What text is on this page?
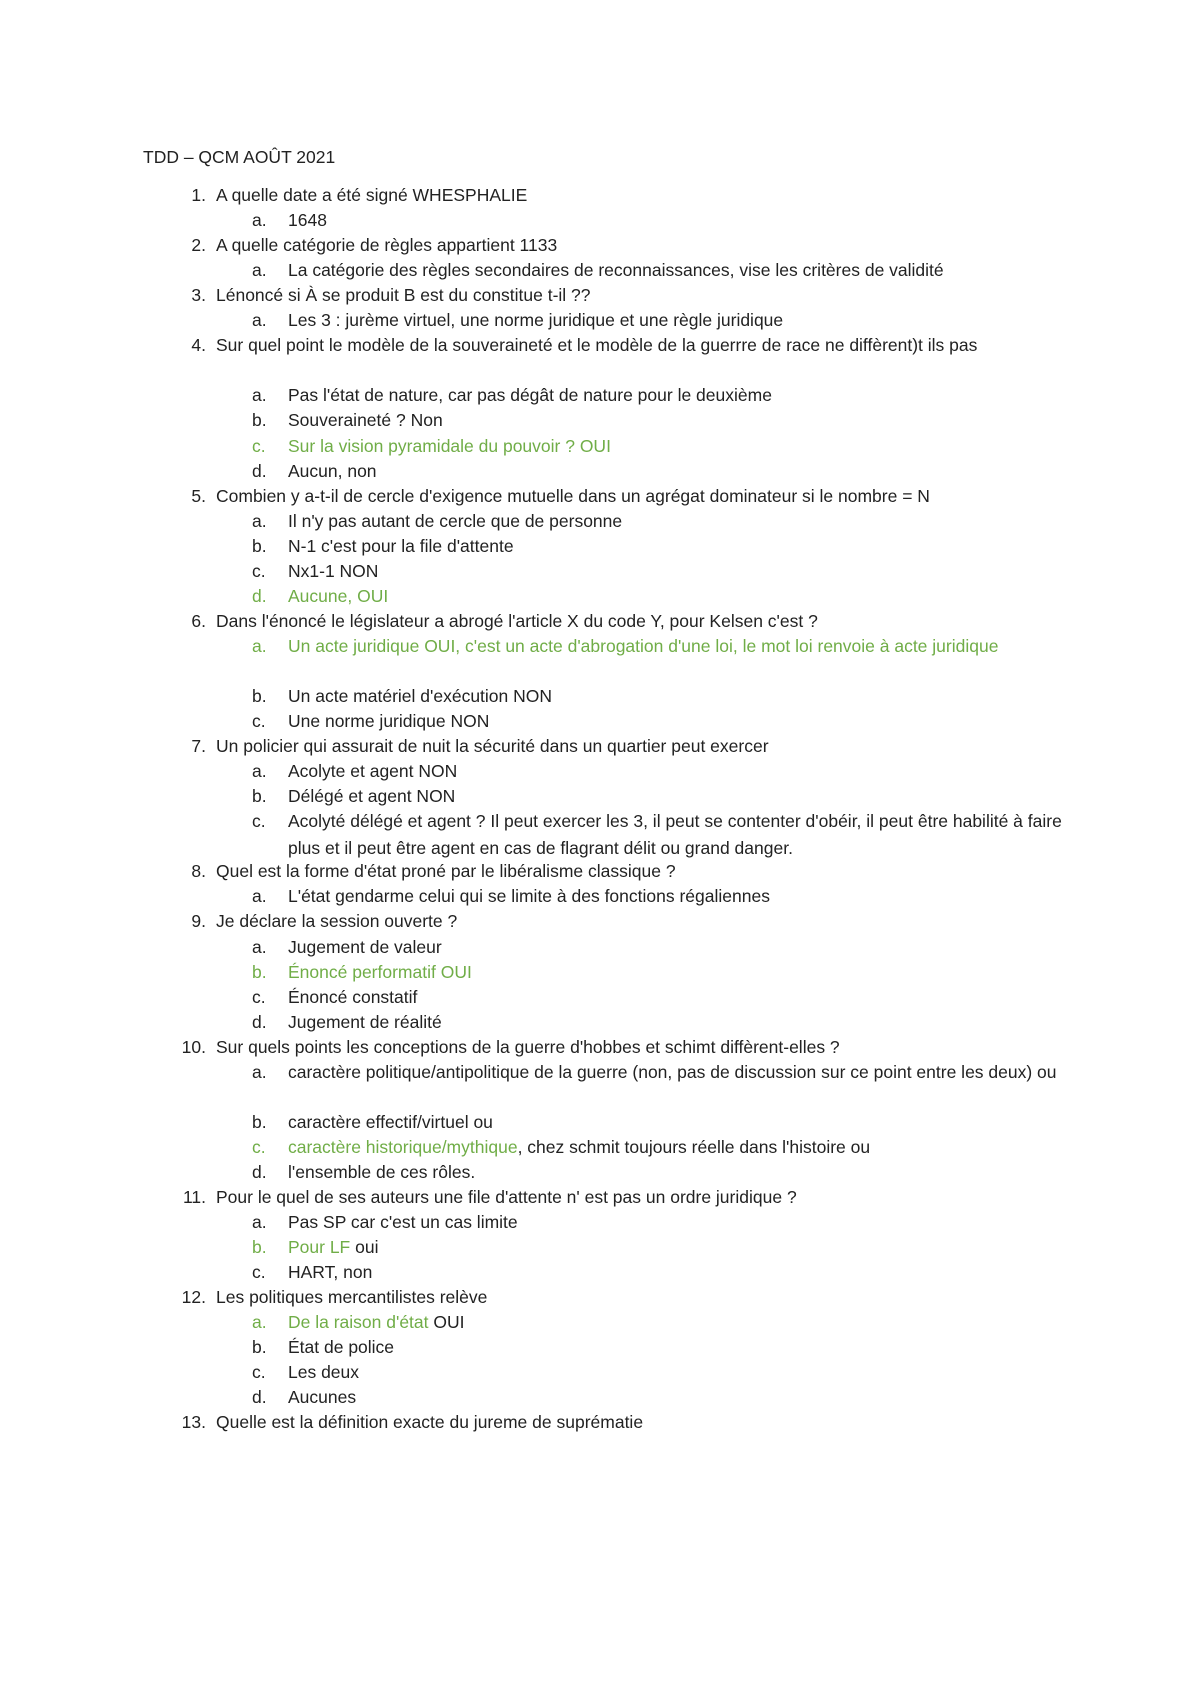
TDD – QCM AOÛT 2021
1. A quelle date a été signé WHESPHALIE
a.	1648
2. A quelle catégorie de règles appartient 1133
a.	La catégorie des règles secondaires de reconnaissances, vise les critères de validité
3. Lénoncé si À se produit B est du constitue t-il ??
a.	Les 3 : jurème virtuel, une norme juridique et une règle juridique
4. Sur quel point le modèle de la souveraineté et le modèle de la guerrre de race ne diffèrent)t ils pas
a.	Pas l'état de nature, car pas dégât de nature pour le deuxième
b.	Souveraineté ? Non
c.	Sur la vision pyramidale du pouvoir ? OUI
d.	Aucun, non
5. Combien y a-t-il de cercle d'exigence mutuelle dans un agrégat dominateur si le nombre = N
a.	Il n'y pas autant de cercle que de personne
b.	N-1 c'est pour la file d'attente
c.	Nx1-1 NON
d.	Aucune, OUI
6. Dans l'énoncé le législateur a abrogé l'article X du code Y, pour Kelsen c'est ?
a.	Un acte juridique OUI, c'est un acte d'abrogation d'une loi, le mot loi renvoie à acte juridique
b.	Un acte matériel d'exécution NON
c.	Une norme juridique NON
7. Un policier qui assurait de nuit la sécurité dans un quartier peut exercer
a.	Acolyte et agent NON
b.	Délégé et agent NON
c.	Acolyté délégé et agent ? Il peut exercer les 3, il peut se contenter d'obéir, il peut être habilité à faire plus et il peut être agent en cas de flagrant délit ou grand danger.
8. Quel est la forme d'état proné par le libéralisme classique ?
a.	L'état gendarme celui qui se limite à des fonctions régaliennes
9. Je déclare la session ouverte ?
a.	Jugement de valeur
b.	Énoncé performatif OUI
c.	Énoncé constatif
d.	Jugement de réalité
10. Sur quels points les conceptions de la guerre d'hobbes et schimt diffèrent-elles ?
a.	caractère politique/antipolitique de la guerre (non, pas de discussion sur ce point entre les deux) ou
b.	caractère effectif/virtuel ou
c.	caractère historique/mythique, chez schmit toujours réelle dans l'histoire ou
d.	l'ensemble de ces rôles.
11. Pour le quel de ses auteurs une file d'attente n' est pas un ordre juridique ?
a.	Pas SP car c'est un cas limite
b.	Pour LF oui
c.	HART, non
12. Les politiques mercantilistes relève
a.	De la raison d'état OUI
b.	État de police
c.	Les deux
d.	Aucunes
13. Quelle est la définition exacte du jureme de suprématie
